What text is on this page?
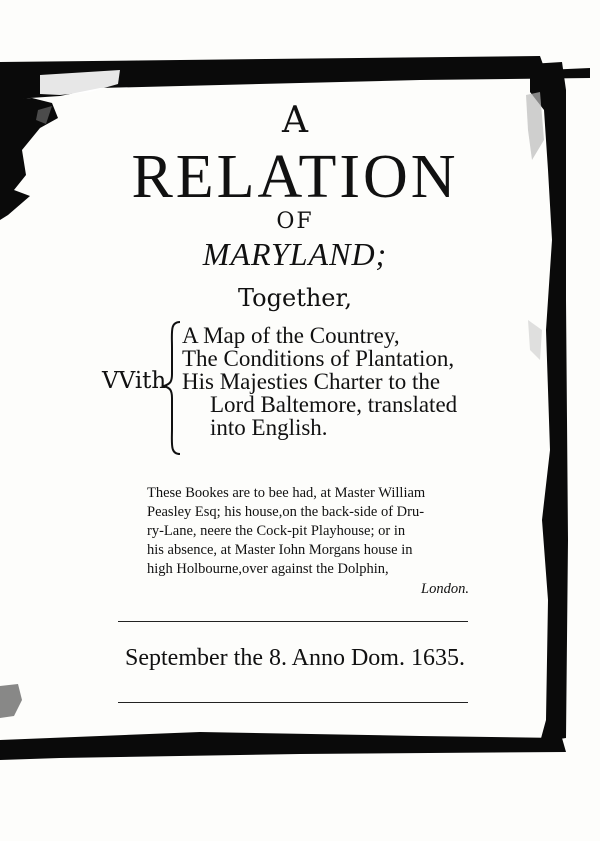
A
RELATION
OF
MARYLAND;
Together,
VVith
A Map of the Countrey,
The Conditions of Plantation,
His Majesties Charter to the
Lord Baltemore, translated
into English.
These Bookes are to bee had, at Master William
Peasley Esq; his house,on the back-side of Dru-
ry-Lane, neere the Cock-pit Playhouse; or in
his absence, at Master Iohn Morgans house in
high Holbourne,over against the Dolphin,
London.
September the 8. Anno Dom. 1635.
